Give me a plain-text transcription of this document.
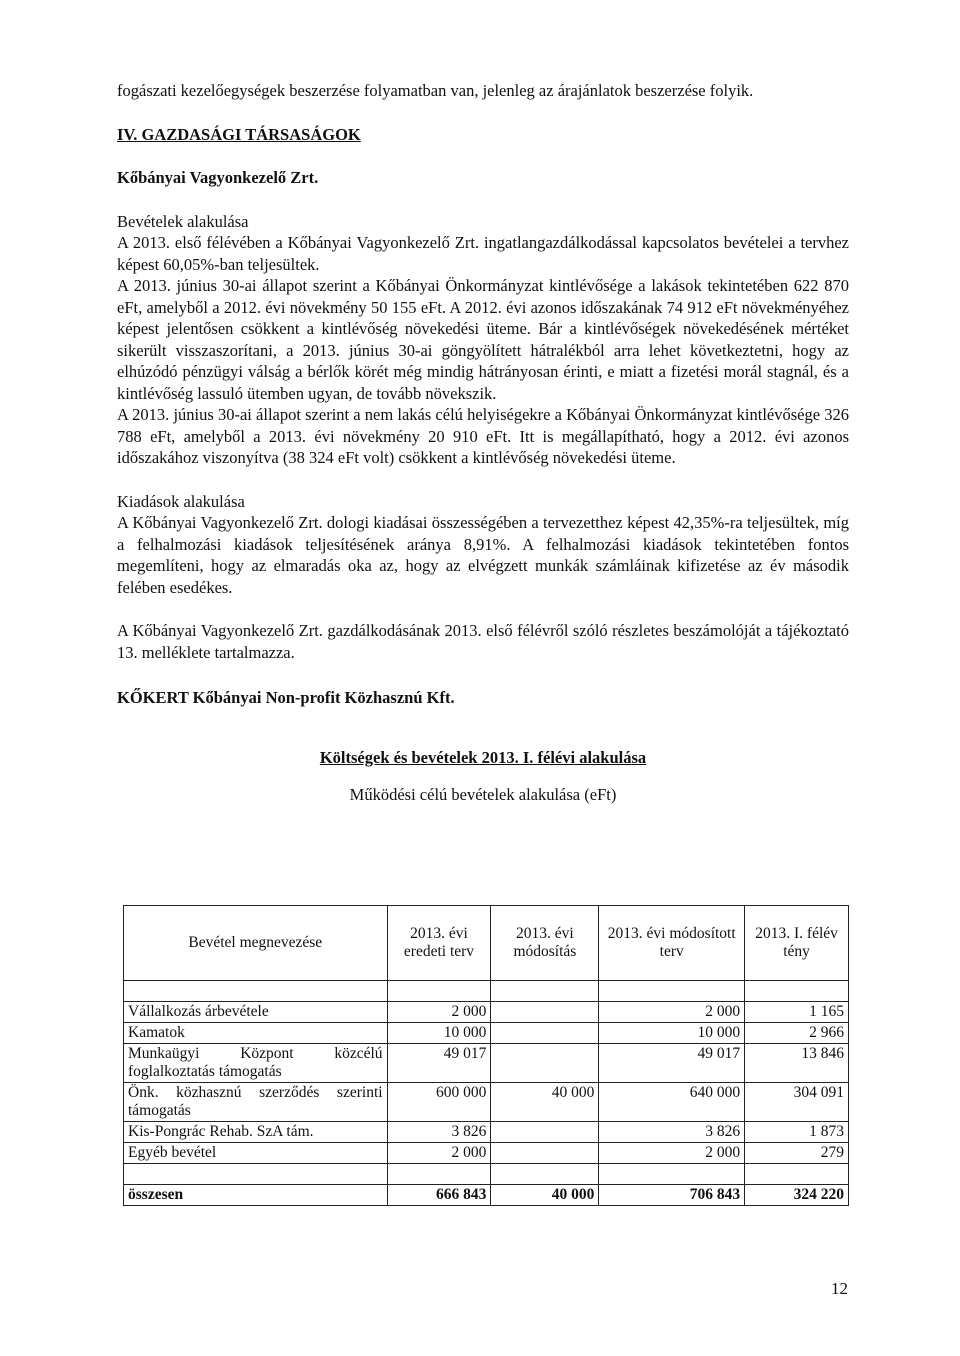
fogászati kezelőegységek beszerzése folyamatban van, jelenleg az árajánlatok beszerzése folyik.

IV. GAZDASÁGI TÁRSASÁGOK

Kőbányai Vagyonkezelő Zrt.

Bevételek alakulása

A 2013. első félévében a Kőbányai Vagyonkezelő Zrt. ingatlangazdálkodással kapcsolatos bevételei a tervhez képest 60,05%-ban teljesültek.

A 2013. június 30-ai állapot szerint a Kőbányai Önkormányzat kintlévősége a lakások tekintetében 622 870 eFt, amelyből a 2012. évi növekmény 50 155 eFt. A 2012. évi azonos időszakának 74 912 eFt növekményéhez képest jelentősen csökkent a kintlévőség növekedési üteme. Bár a kintlévőségek növekedésének mértéket sikerült visszaszorítani, a 2013. június 30-ai göngyölített hátralékból arra lehet következtetni, hogy az elhúzódó pénzügyi válság a bérlők körét még mindig hátrányosan érinti, e miatt a fizetési morál stagnál, és a kintlévőség lassuló ütemben ugyan, de tovább növekszik.

A 2013. június 30-ai állapot szerint a nem lakás célú helyiségekre a Kőbányai Önkormányzat kintlévősége 326 788 eFt, amelyből a 2013. évi növekmény 20 910 eFt. Itt is megállapítható, hogy a 2012. évi azonos időszakához viszonyítva (38 324 eFt volt) csökkent a kintlévőség növekedési üteme.

Kiadások alakulása

A Kőbányai Vagyonkezelő Zrt. dologi kiadásai összességében a tervezetthez képest 42,35%-ra teljesültek, míg a felhalmozási kiadások teljesítésének aránya 8,91%. A felhalmozási kiadások tekintetében fontos megemlíteni, hogy az elmaradás oka az, hogy az elvégzett munkák számláinak kifizetése az év második felében esedékes.

A Kőbányai Vagyonkezelő Zrt. gazdálkodásának 2013. első félévről szóló részletes beszámolóját a tájékoztató 13. melléklete tartalmazza.

KŐKERT Kőbányai Non-profit Közhasznú Kft.

Költségek és bevételek 2013. I. félévi alakulása

Működési célú bevételek alakulása (eFt)

Bevétel megnevezése	2013. évi eredeti terv	2013. évi módosítás	2013. évi módosított terv	2013. I. félév tény

Vállalkozás árbevétele	2 000		2 000	1 165
Kamatok	10 000		10 000	2 966
Munkaügyi Központ közcélú foglalkoztatás támogatás	49 017		49 017	13 846
Önk. közhasznú szerződés szerinti támogatás	600 000	40 000	640 000	304 091
Kis-Pongrác Rehab. SzA tám.	3 826		3 826	1 873
Egyéb bevétel	2 000		2 000	279

összesen	666 843	40 000	706 843	324 220
12
